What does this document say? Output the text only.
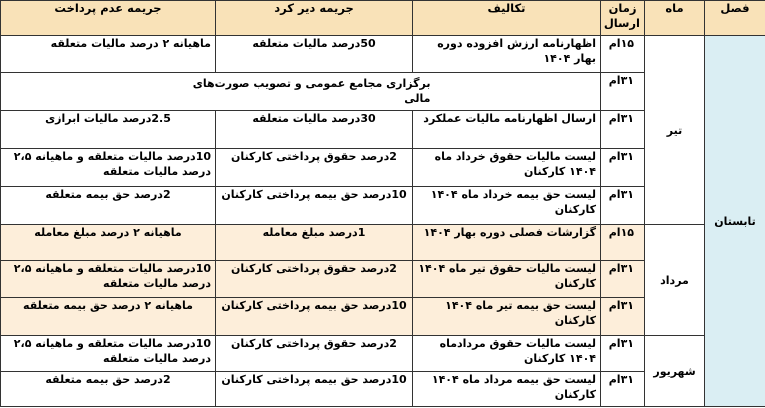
فصل	ماه	زمان ارسال	تکالیف	جریمه دیر کرد	جریمه عدم پرداخت
تابستان	تیر	۱۵ام	اظهارنامه ارزش افزوده دوره بهار ۱۴۰۴	50درصد مالیات متعلقه	ماهیانه ۲ درصد مالیات متعلقه
		۳۱ام	برگزاری مجامع عمومی و تصویب صورت‌های مالی		

		۳۱ام	ارسال اظهارنامه مالیات عملکرد	30درصد مالیات متعلقه	2.5درصد مالیات ابرازی
		۳۱ام	لیست مالیات حقوق خرداد ماه ۱۴۰۴ کارکنان	2درصد حقوق پرداختی کارکنان	10درصد مالیات متعلقه و ماهیانه ۲،۵ درصد مالیات متعلقه
		۳۱ام	لیست حق بیمه خرداد ماه ۱۴۰۴ کارکنان	10درصد حق بیمه پرداختی کارکنان	2درصد حق بیمه متعلقه
	مرداد	۱۵ام	گزارشات فصلی دوره بهار ۱۴۰۴	1درصد مبلغ معامله	ماهیانه ۲ درصد مبلغ معامله
		۳۱ام	لیست مالیات حقوق تیر ماه ۱۴۰۴ کارکنان	2درصد حقوق پرداختی کارکنان	10درصد مالیات متعلقه و ماهیانه ۲،۵ درصد مالیات متعلقه
		۳۱ام	لیست حق بیمه تیر ماه ۱۴۰۴ کارکنان	10درصد حق بیمه پرداختی کارکنان	ماهیانه ۲ درصد حق بیمه متعلقه
	شهریور	۳۱ام	لیست مالیات حقوق مردادماه ۱۴۰۴ کارکنان	2درصد حقوق پرداختی کارکنان	10درصد مالیات متعلقه و ماهیانه ۲،۵ درصد مالیات متعلقه
		۳۱ام	لیست حق بیمه مرداد ماه ۱۴۰۴ کارکنان	10درصد حق بیمه پرداختی کارکنان	2درصد حق بیمه متعلقه
